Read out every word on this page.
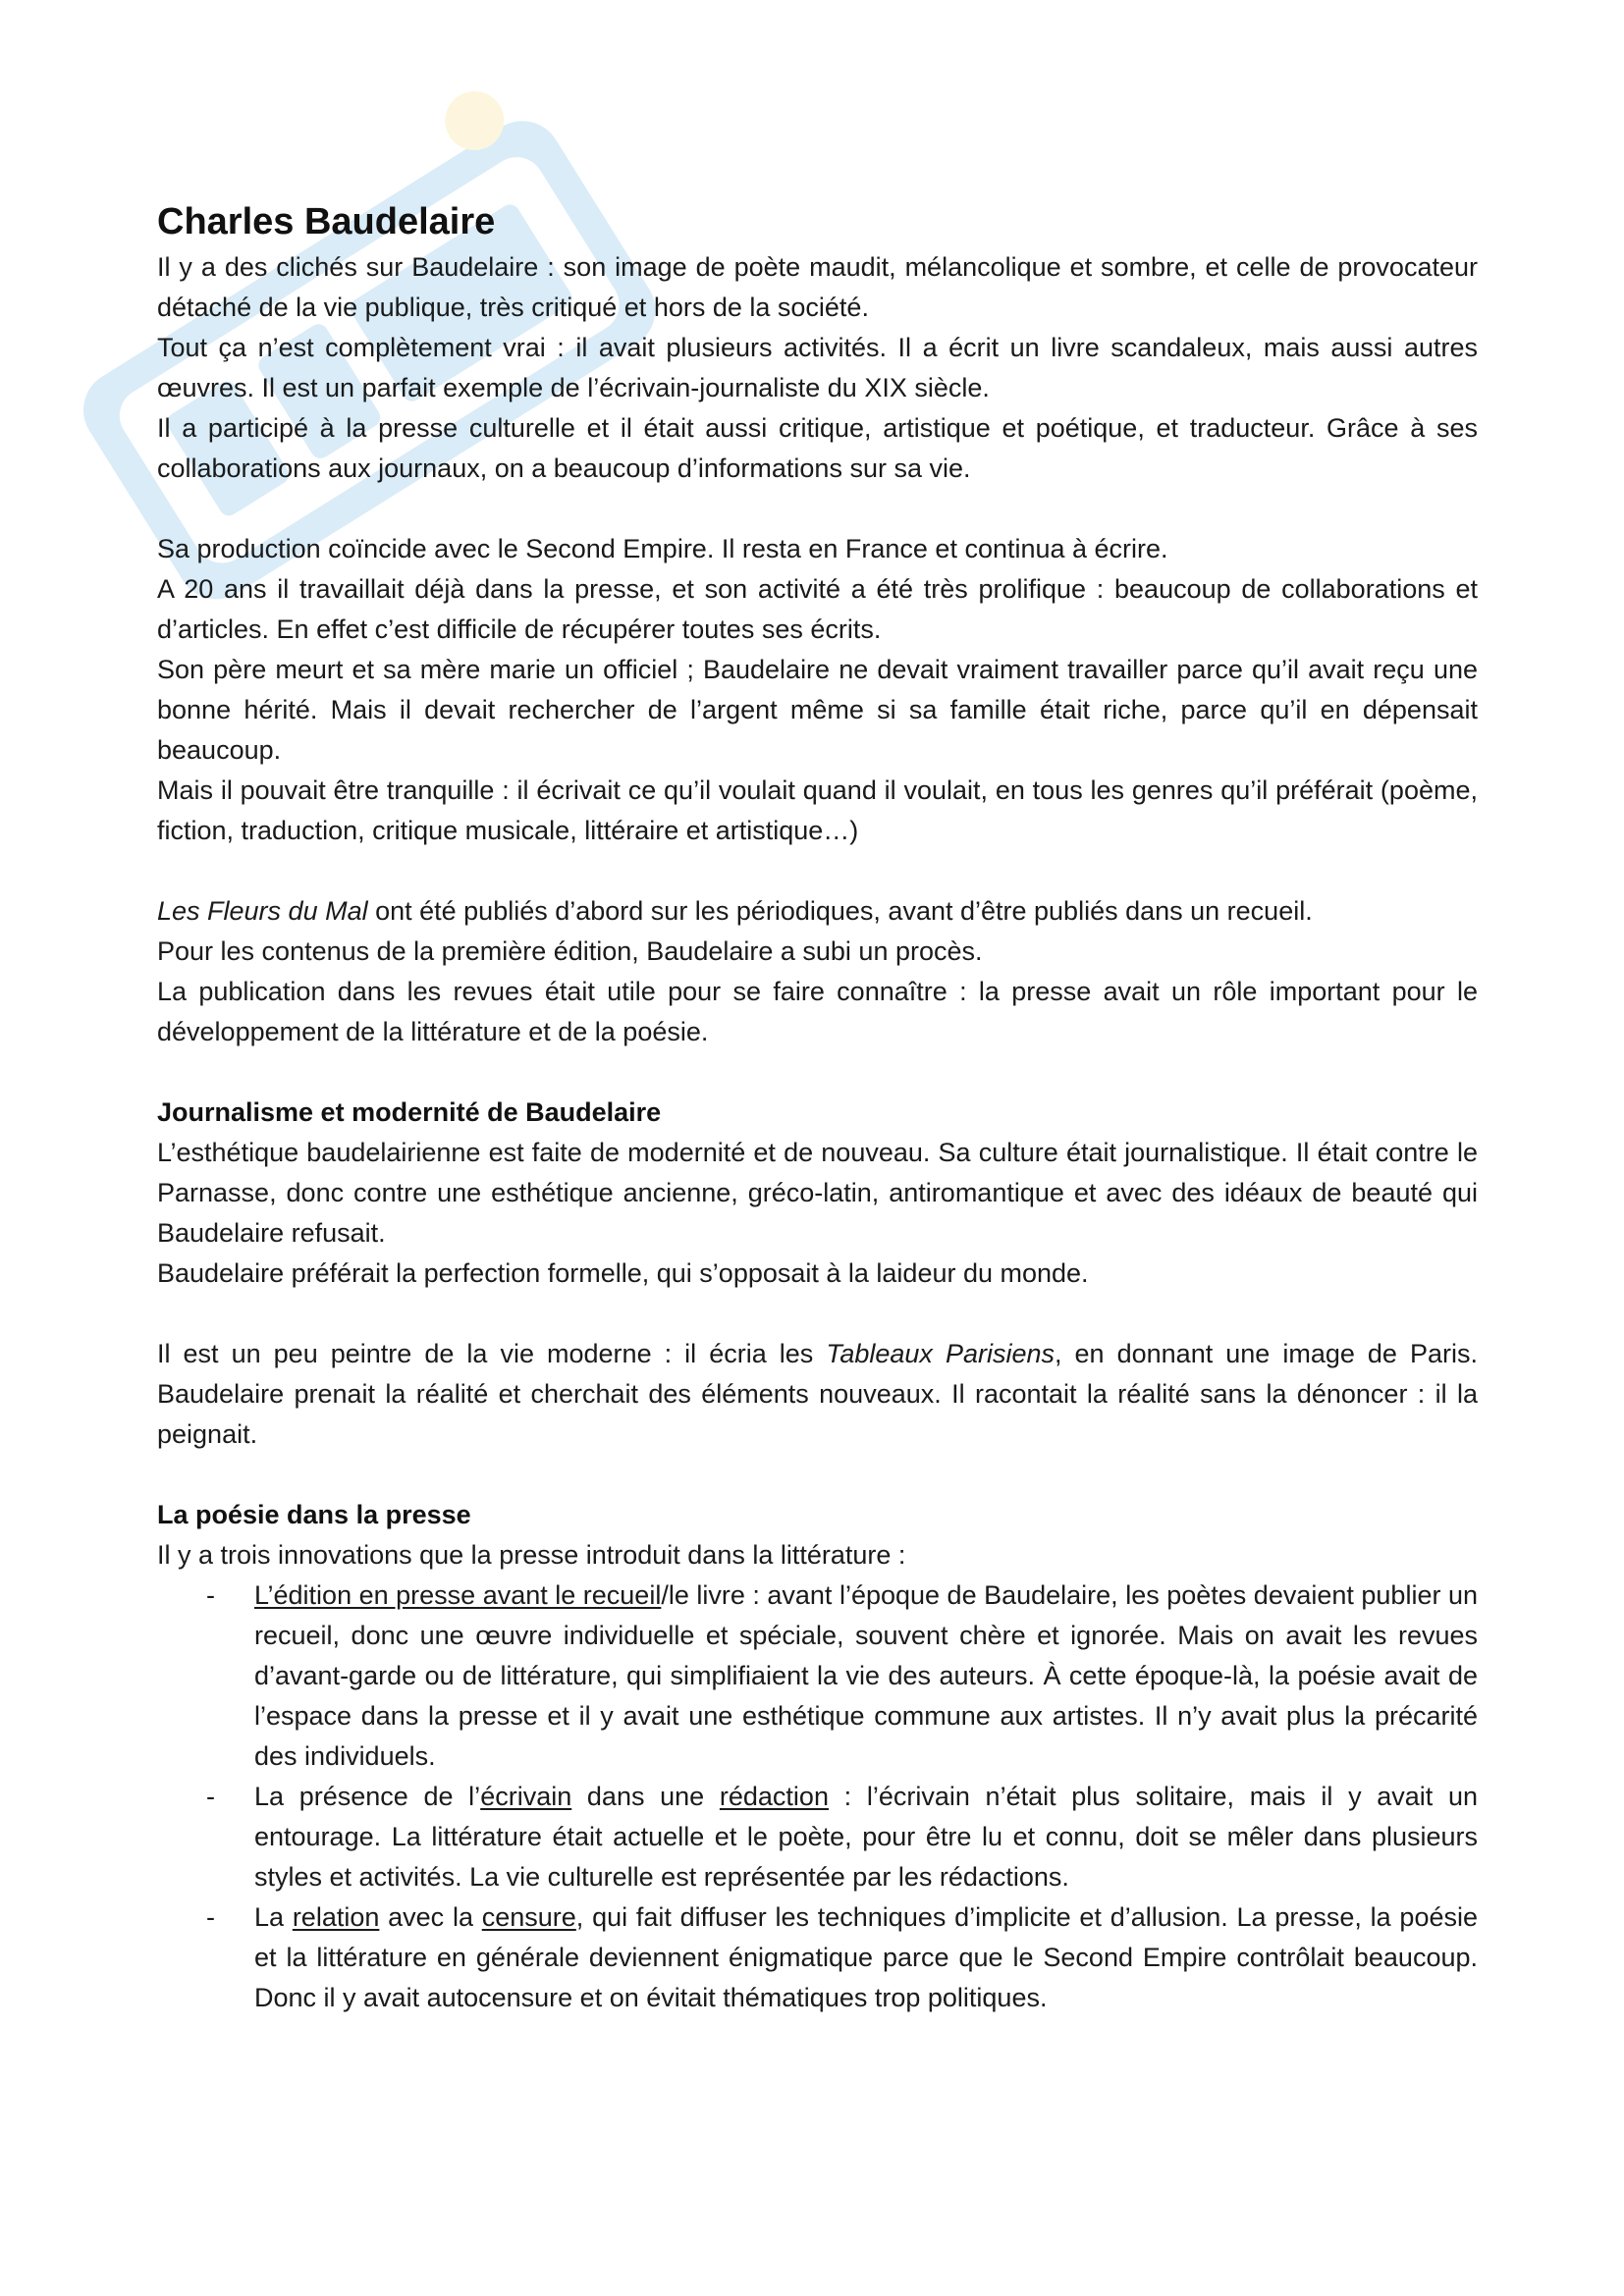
Charles Baudelaire

Il y a des clichés sur Baudelaire : son image de poète maudit, mélancolique et sombre, et celle de provocateur détaché de la vie publique, très critiqué et hors de la société.

Tout ça n’est complètement vrai : il avait plusieurs activités. Il a écrit un livre scandaleux, mais aussi autres œuvres. Il est un parfait exemple de l’écrivain-journaliste du XIX siècle.

Il a participé à la presse culturelle et il était aussi critique, artistique et poétique, et traducteur. Grâce à ses collaborations aux journaux, on a beaucoup d’informations sur sa vie.

Sa production coïncide avec le Second Empire. Il resta en France et continua à écrire.

A 20 ans il travaillait déjà dans la presse, et son activité a été très prolifique : beaucoup de collaborations et d’articles. En effet c’est difficile de récupérer toutes ses écrits.

Son père meurt et sa mère marie un officiel ; Baudelaire ne devait vraiment travailler parce qu’il avait reçu une bonne hérité. Mais il devait rechercher de l’argent même si sa famille était riche, parce qu’il en dépensait beaucoup.

Mais il pouvait être tranquille : il écrivait ce qu’il voulait quand il voulait, en tous les genres qu’il préférait (poème, fiction, traduction, critique musicale, littéraire et artistique…)

Les Fleurs du Mal ont été publiés d’abord sur les périodiques, avant d’être publiés dans un recueil.

Pour les contenus de la première édition, Baudelaire a subi un procès.

La publication dans les revues était utile pour se faire connaître : la presse avait un rôle important pour le développement de la littérature et de la poésie.

Journalisme et modernité de Baudelaire

L’esthétique baudelairienne est faite de modernité et de nouveau. Sa culture était journalistique. Il était contre le Parnasse, donc contre une esthétique ancienne, gréco-latin, antiromantique et avec des idéaux de beauté qui Baudelaire refusait.

Baudelaire préférait la perfection formelle, qui s’opposait à la laideur du monde.

Il est un peu peintre de la vie moderne : il écria les Tableaux Parisiens, en donnant une image de Paris. Baudelaire prenait la réalité et cherchait des éléments nouveaux. Il racontait la réalité sans la dénoncer : il la peignait.

La poésie dans la presse

Il y a trois innovations que la presse introduit dans la littérature :

- L’édition en presse avant le recueil/le livre : avant l’époque de Baudelaire, les poètes devaient publier un recueil, donc une œuvre individuelle et spéciale, souvent chère et ignorée. Mais on avait les revues d’avant-garde ou de littérature, qui simplifiaient la vie des auteurs. À cette époque-là, la poésie avait de l’espace dans la presse et il y avait une esthétique commune aux artistes. Il n’y avait plus la précarité des individuels.
- La présence de l’écrivain dans une rédaction : l’écrivain n’était plus solitaire, mais il y avait un entourage. La littérature était actuelle et le poète, pour être lu et connu, doit se mêler dans plusieurs styles et activités. La vie culturelle est représentée par les rédactions.
- La relation avec la censure, qui fait diffuser les techniques d’implicite et d’allusion. La presse, la poésie et la littérature en générale deviennent énigmatique parce que le Second Empire contrôlait beaucoup. Donc il y avait autocensure et on évitait thématiques trop politiques.
